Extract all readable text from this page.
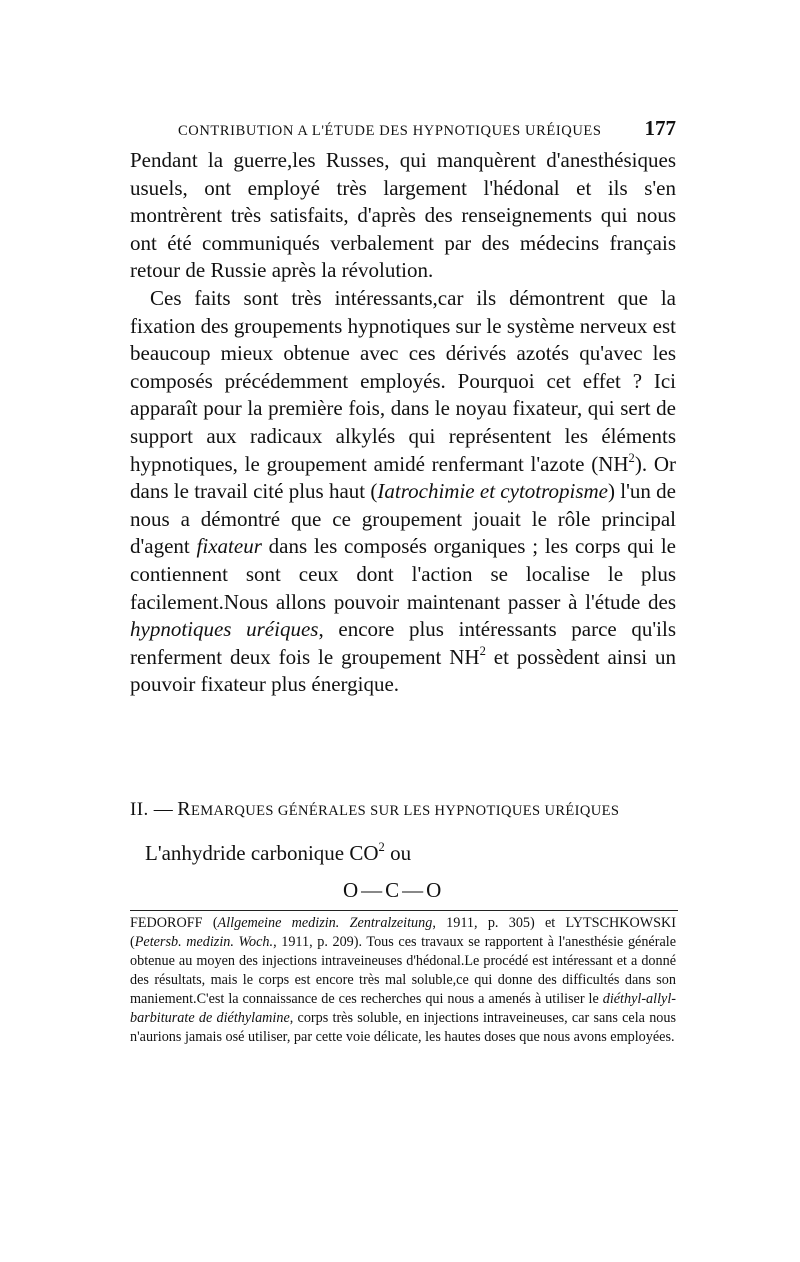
CONTRIBUTION A L'ÉTUDE DES HYPNOTIQUES URÉIQUES 177

Pendant la guerre,les Russes, qui manquèrent d'anesthésiques usuels, ont employé très largement l'hédonal et ils s'en montrèrent très satisfaits, d'après des renseignements qui nous ont été communiqués verbalement par des médecins français retour de Russie après la révolution.

Ces faits sont très intéressants,car ils démontrent que la fixation des groupements hypnotiques sur le système nerveux est beaucoup mieux obtenue avec ces dérivés azotés qu'avec les composés précédemment employés. Pourquoi cet effet ? Ici apparaît pour la première fois, dans le noyau fixateur, qui sert de support aux radicaux alkylés qui représentent les éléments hypnotiques, le groupement amidé renfermant l'azote $(NH^2)$. Or dans le travail cité plus haut (Iatrochimie et cytotropisme) l'un de nous a démontré que ce groupement jouait le rôle principal d'agent fixateur dans les composés organiques ; les corps qui le contiennent sont ceux dont l'action se localise le plus facilement.Nous allons pouvoir maintenant passer à l'étude des hypnotiques uréiques, encore plus intéressants parce qu'ils renferment deux fois le groupement $NH^2$ et possèdent ainsi un pouvoir fixateur plus énergique.

II. — REMARQUES GÉNÉRALES SUR LES HYPNOTIQUES URÉIQUES
L'anhydride carbonique $CO^2$ ou
O—C—O

FEDOROFF (Allgemeine medizin. Zentralzeitung, 1911, p. 305) et LYTSCHKOWSKI (Petersb. medizin. Woch., 1911, p. 209). Tous ces travaux se rapportent à l'anesthésie générale obtenue au moyen des injections intraveineuses d'hédonal.Le procédé est intéressant et a donné des résultats, mais le corps est encore très mal soluble,ce qui donne des difficultés dans son maniement.C'est la connaissance de ces recherches qui nous a amenés à utiliser le diéthyl-allyl-barbiturate de diéthylamine, corps très soluble, en injections intraveineuses, car sans cela nous n'aurions jamais osé utiliser, par cette voie délicate, les hautes doses que nous avons employées.
